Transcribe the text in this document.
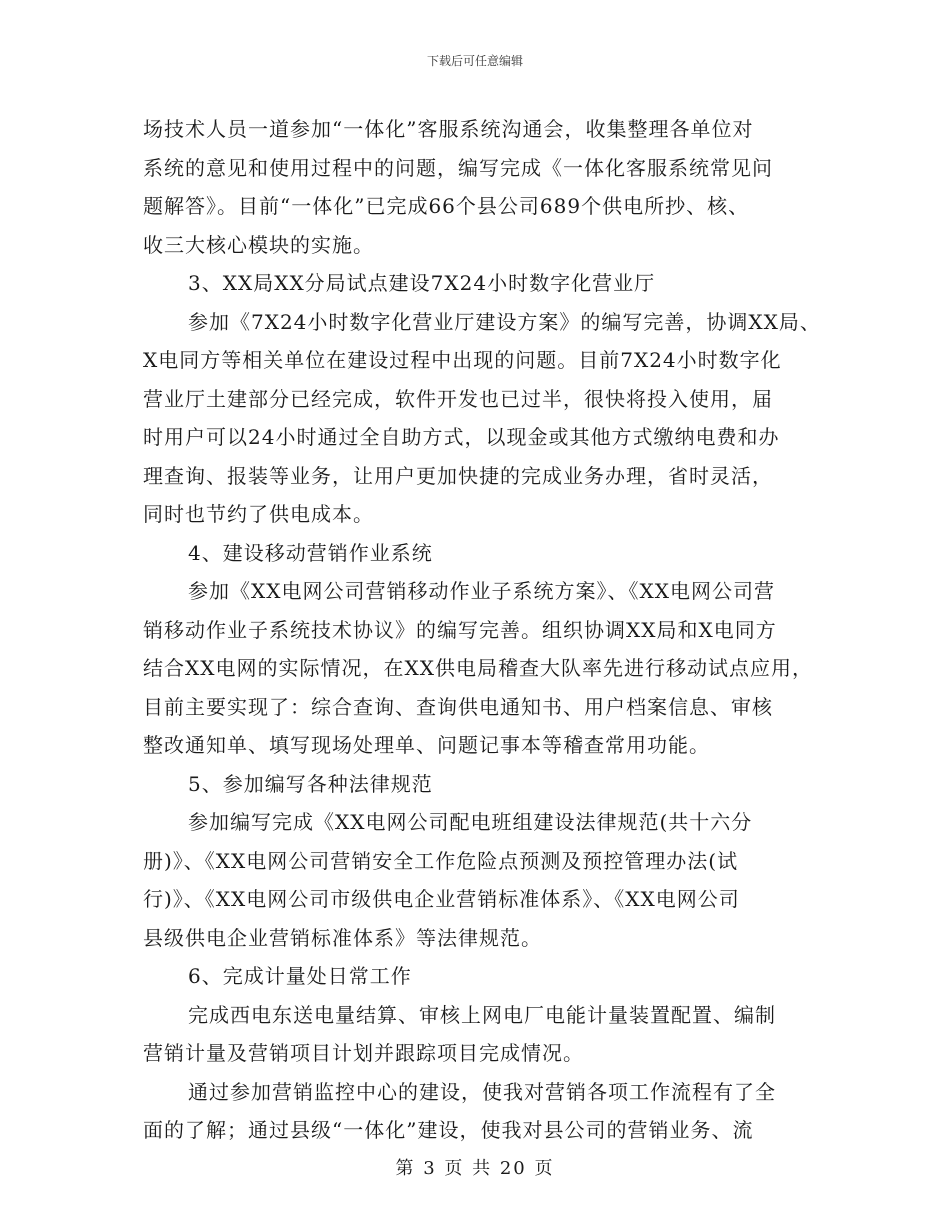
下载后可任意编辑
场技术人员一道参加“一体化”客服系统沟通会，收集整理各单位对
系统的意见和使用过程中的问题，编写完成《一体化客服系统常见问
题解答》。目前“一体化”已完成66个县公司689个供电所抄、核、
收三大核心模块的实施。
3、XX局XX分局试点建设7X24小时数字化营业厅
参加《7X24小时数字化营业厅建设方案》的编写完善，协调XX局、
X电同方等相关单位在建设过程中出现的问题。目前7X24小时数字化
营业厅土建部分已经完成，软件开发也已过半，很快将投入使用，届
时用户可以24小时通过全自助方式，以现金或其他方式缴纳电费和办
理查询、报装等业务，让用户更加快捷的完成业务办理，省时灵活，
同时也节约了供电成本。
4、建设移动营销作业系统
参加《XX电网公司营销移动作业子系统方案》、《XX电网公司营
销移动作业子系统技术协议》的编写完善。组织协调XX局和X电同方
结合XX电网的实际情况，在XX供电局稽查大队率先进行移动试点应用，
目前主要实现了：综合查询、查询供电通知书、用户档案信息、审核
整改通知单、填写现场处理单、问题记事本等稽查常用功能。
5、参加编写各种法律规范
参加编写完成《XX电网公司配电班组建设法律规范(共十六分
册)》、《XX电网公司营销安全工作危险点预测及预控管理办法(试
行)》、《XX电网公司市级供电企业营销标准体系》、《XX电网公司
县级供电企业营销标准体系》等法律规范。
6、完成计量处日常工作
完成西电东送电量结算、审核上网电厂电能计量装置配置、编制
营销计量及营销项目计划并跟踪项目完成情况。
通过参加营销监控中心的建设，使我对营销各项工作流程有了全
面的了解；通过县级“一体化”建设，使我对县公司的营销业务、流
第 3 页 共 20 页
